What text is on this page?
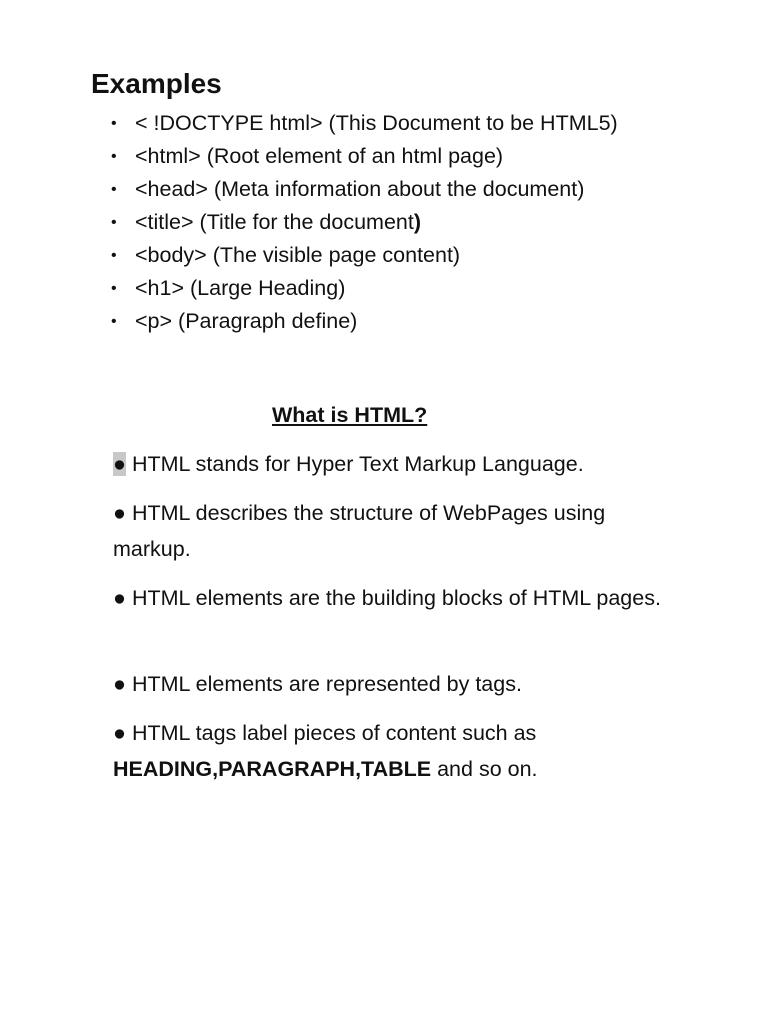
Examples
• < !DOCTYPE html> (This Document to be HTML5)
• <html> (Root element of an html page)
• <head> (Meta information about the document)
• <title> (Title for the document)
• <body> (The visible page content)
• <h1> (Large Heading)
• <p> (Paragraph define)
What is HTML?

● HTML stands for Hyper Text Markup Language.

● HTML describes the structure of WebPages using markup.

● HTML elements are the building blocks of HTML pages.

● HTML elements are represented by tags.

● HTML tags label pieces of content such as HEADING,PARAGRAPH,TABLE and so on.
